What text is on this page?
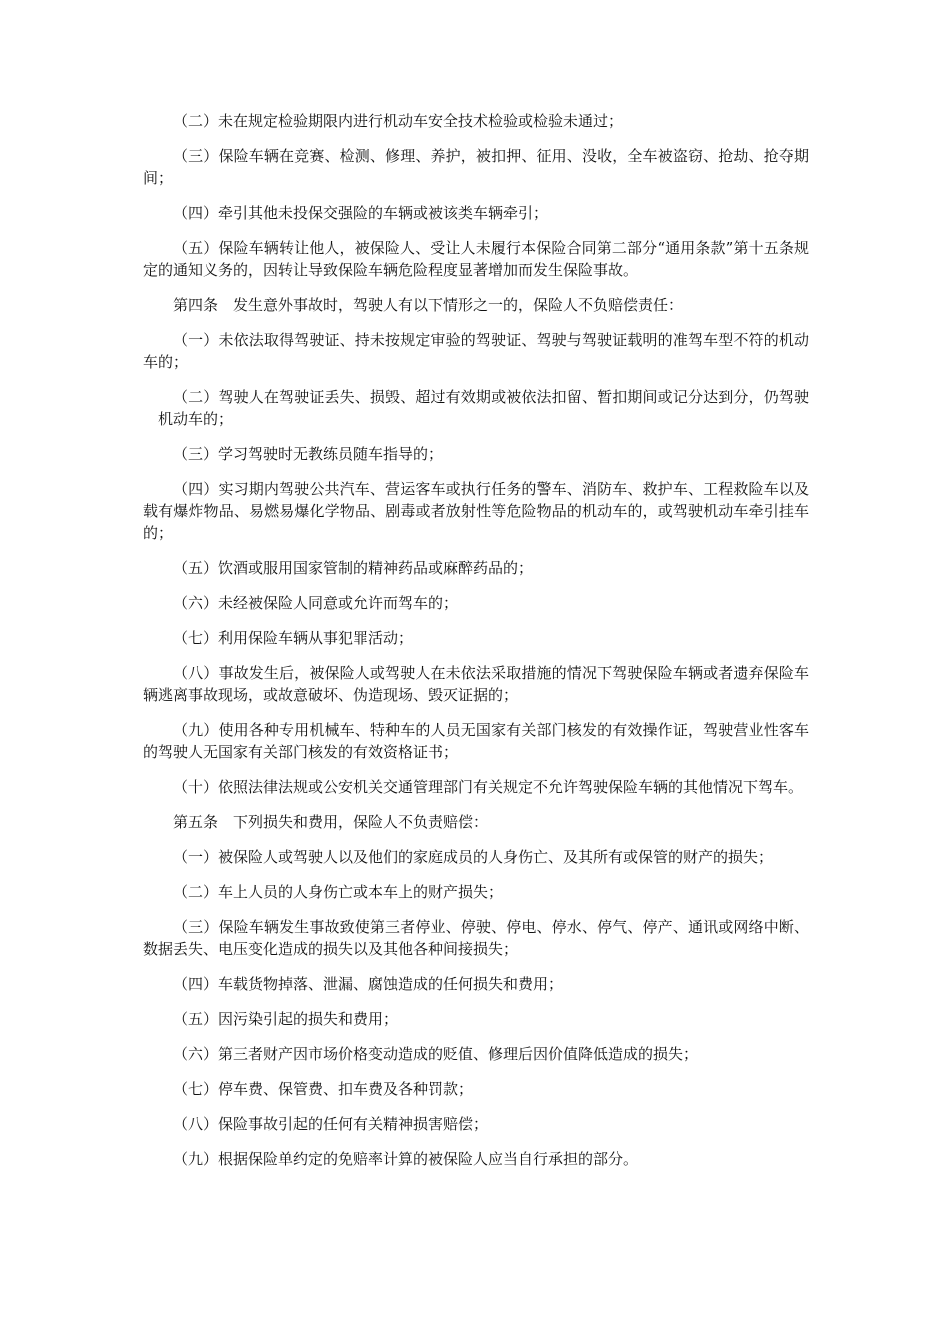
（二）未在规定检验期限内进行机动车安全技术检验或检验未通过；

（三）保险车辆在竞赛、检测、修理、养护，被扣押、征用、没收，全车被盗窃、抢劫、抢夺期间；

（四）牵引其他未投保交强险的车辆或被该类车辆牵引；

（五）保险车辆转让他人，被保险人、受让人未履行本保险合同第二部分“通用条款”第十五条规定的通知义务的，因转让导致保险车辆危险程度显著增加而发生保险事故。

第四条　发生意外事故时，驾驶人有以下情形之一的，保险人不负赔偿责任：

（一）未依法取得驾驶证、持未按规定审验的驾驶证、驾驶与驾驶证载明的准驾车型不符的机动车的；

（二）驾驶人在驾驶证丢失、损毁、超过有效期或被依法扣留、暂扣期间或记分达到分，仍驾驶机动车的；

（三）学习驾驶时无教练员随车指导的；

（四）实习期内驾驶公共汽车、营运客车或执行任务的警车、消防车、救护车、工程救险车以及载有爆炸物品、易燃易爆化学物品、剧毒或者放射性等危险物品的机动车的，或驾驶机动车牵引挂车的；

（五）饮酒或服用国家管制的精神药品或麻醉药品的；

（六）未经被保险人同意或允许而驾车的；

（七）利用保险车辆从事犯罪活动；

（八）事故发生后，被保险人或驾驶人在未依法采取措施的情况下驾驶保险车辆或者遗弃保险车辆逃离事故现场，或故意破坏、伪造现场、毁灭证据的；

（九）使用各种专用机械车、特种车的人员无国家有关部门核发的有效操作证，驾驶营业性客车的驾驶人无国家有关部门核发的有效资格证书；

（十）依照法律法规或公安机关交通管理部门有关规定不允许驾驶保险车辆的其他情况下驾车。

第五条　下列损失和费用，保险人不负责赔偿：

（一）被保险人或驾驶人以及他们的家庭成员的人身伤亡、及其所有或保管的财产的损失；

（二）车上人员的人身伤亡或本车上的财产损失；

（三）保险车辆发生事故致使第三者停业、停驶、停电、停水、停气、停产、通讯或网络中断、数据丢失、电压变化造成的损失以及其他各种间接损失；

（四）车载货物掉落、泄漏、腐蚀造成的任何损失和费用；

（五）因污染引起的损失和费用；

（六）第三者财产因市场价格变动造成的贬值、修理后因价值降低造成的损失；

（七）停车费、保管费、扣车费及各种罚款；

（八）保险事故引起的任何有关精神损害赔偿；

（九）根据保险单约定的免赔率计算的被保险人应当自行承担的部分。
